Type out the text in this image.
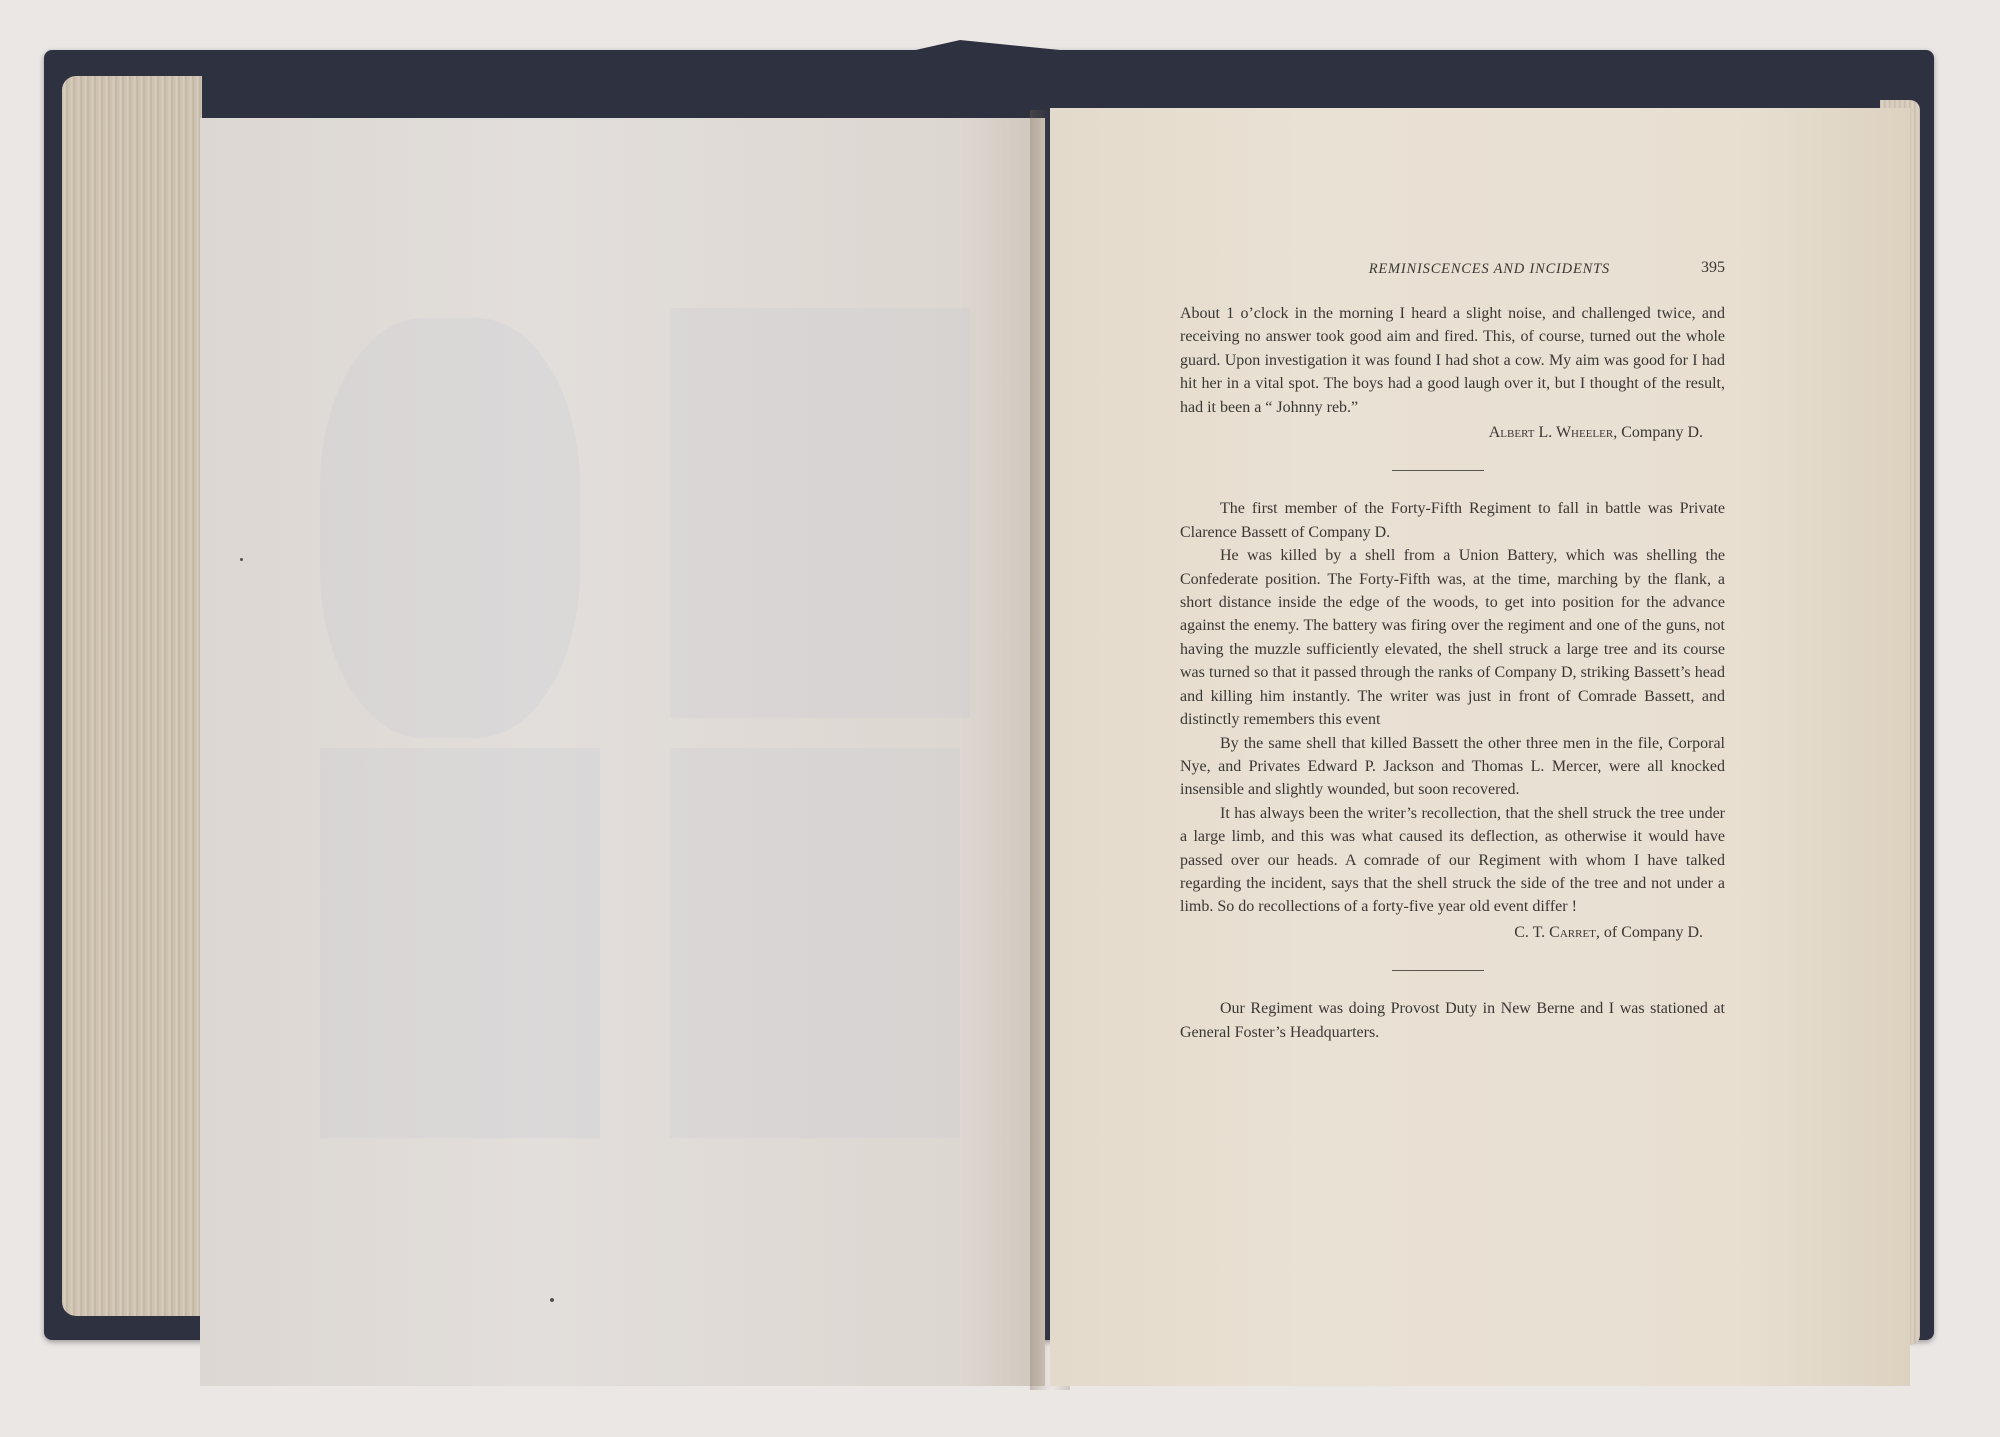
REMINISCENCES AND INCIDENTS	395

About 1 o’clock in the morning I heard a slight noise, and challenged twice, and receiving no answer took good aim and fired. This, of course, turned out the whole guard. Upon investigation it was found I had shot a cow. My aim was good for I had hit her in a vital spot. The boys had a good laugh over it, but I thought of the result, had it been a “ Johnny reb.”

Albert L. Wheeler, Company D.

The first member of the Forty-Fifth Regiment to fall in battle was Private Clarence Bassett of Company D.

He was killed by a shell from a Union Battery, which was shelling the Confederate position. The Forty-Fifth was, at the time, marching by the flank, a short distance inside the edge of the woods, to get into position for the advance against the enemy. The battery was firing over the regiment and one of the guns, not having the muzzle sufficiently elevated, the shell struck a large tree and its course was turned so that it passed through the ranks of Company D, striking Bassett’s head and killing him instantly. The writer was just in front of Comrade Bassett, and distinctly remembers this event

By the same shell that killed Bassett the other three men in the file, Corporal Nye, and Privates Edward P. Jackson and Thomas L. Mercer, were all knocked insensible and slightly wounded, but soon recovered.

It has always been the writer’s recollection, that the shell struck the tree under a large limb, and this was what caused its deflection, as otherwise it would have passed over our heads. A comrade of our Regiment with whom I have talked regarding the incident, says that the shell struck the side of the tree and not under a limb. So do recollections of a forty-five year old event differ !

C. T. Carret, of Company D.

Our Regiment was doing Provost Duty in New Berne and I was stationed at General Foster’s Headquarters.
